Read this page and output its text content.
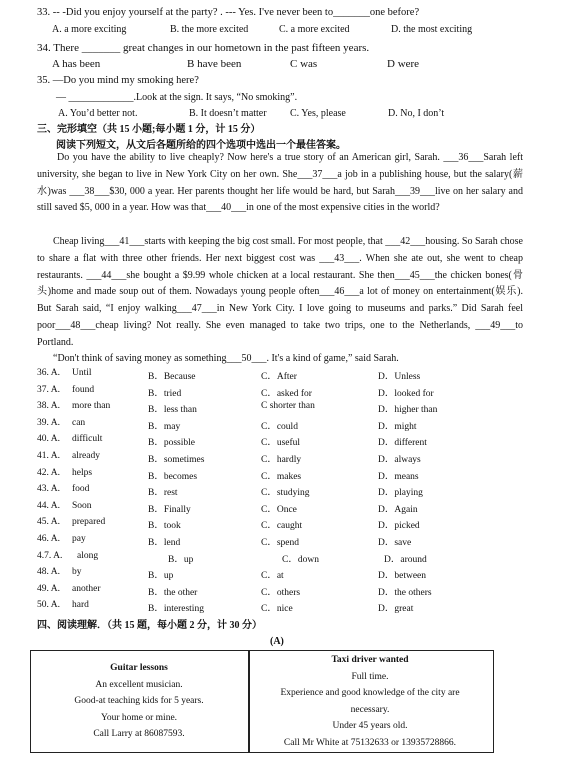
33. -- -Did you enjoy yourself at the party? . --- Yes. I've never been to_______one before?
A. a more exciting	B. the more excited	C. a more excited	D. the most exciting
34. There _______ great changes in our hometown in the past fifteen years.
A has been	B have been	C was	D were
35. —Do you mind my smoking here?
— _____________.Look at the sign. It says, “No smoking”.
A. You’d better not.	B. It doesn’t matter C. Yes, please	D. No, I don’t
三、完形填空（共 15 小题;每小题 1 分，计 15 分）
阅读下列短文，从文后各题所给的四个选项中选出一个最佳答案。
Do you have the ability to live cheaply? Now here's a true story of an American girl, Sarah. ___36___Sarah left university, she began to live in New York City on her own. She___37___a job in a publishing house, but the salary(薪水)was ___38___$30, 000 a year. Her parents thought her life would be hard, but Sarah___39___live on her salary and still saved $5, 000 in a year. How was that___40___in one of the most expensive cities in the world?
Cheap living___41___starts with keeping the big cost small. For most people, that ___42___housing. So Sarah chose to share a flat with three other friends. Her next biggest cost was ___43___. When she ate out, she went to cheap restaurants. ___44___she bought a $9.99 whole chicken at a local restaurant. She then___45___the chicken bones(骨头)home and made soup out of them. Nowadays young people often___46___a lot of money on entertainment(娱乐). But Sarah said, “I enjoy walking___47___in New York City. I love going to museums and parks.” Did Sarah feel poor___48___cheap living? Not really. She even managed to take two trips, one to the Netherlands, ___49___to Portland.
“Don't think of saving money as something___50___. It's a kind of game,” said Sarah.
36. A. Until	B．Because	C．After	D．Unless
37. A. found	B．tried	C．asked for	D．looked for
38. A. more than	B．less than	C shorter than	D．higher than
39. A. can	B．may	C．could	D．might
40. A. difficult	B．possible	C．useful	D．different
41. A. already	B．sometimes	C．hardly	D．always
42. A. helps	B．becomes	C．makes	D．means
43. A. food	B．rest	C．studying	D．playing
44. A. Soon	B．Finally	C．Once	D．Again
45. A. prepared	B．took	C．caught	D．picked
46. A. pay	B．lend	C．spend	D．save
4.7. A. along	B．up	C．down	D．around
48. A. by	B．up	C．at	D．between
49. A. another	B．the other	C．others	D．the others
50. A. hard	B．interesting	C．nice	D．great
四、阅读理解．（共 15 题，每小题 2 分，计 30 分）
(A)
Guitar lessons
An excellent musician.
Good-at teaching kids for 5 years.
Your home or mine.
Call Larry at 86087593.
Taxi driver wanted
Full time.
Experience and good knowledge of the city are
necessary.
Under 45 years old.
Call Mr White at 75132633 or 13935728866.
